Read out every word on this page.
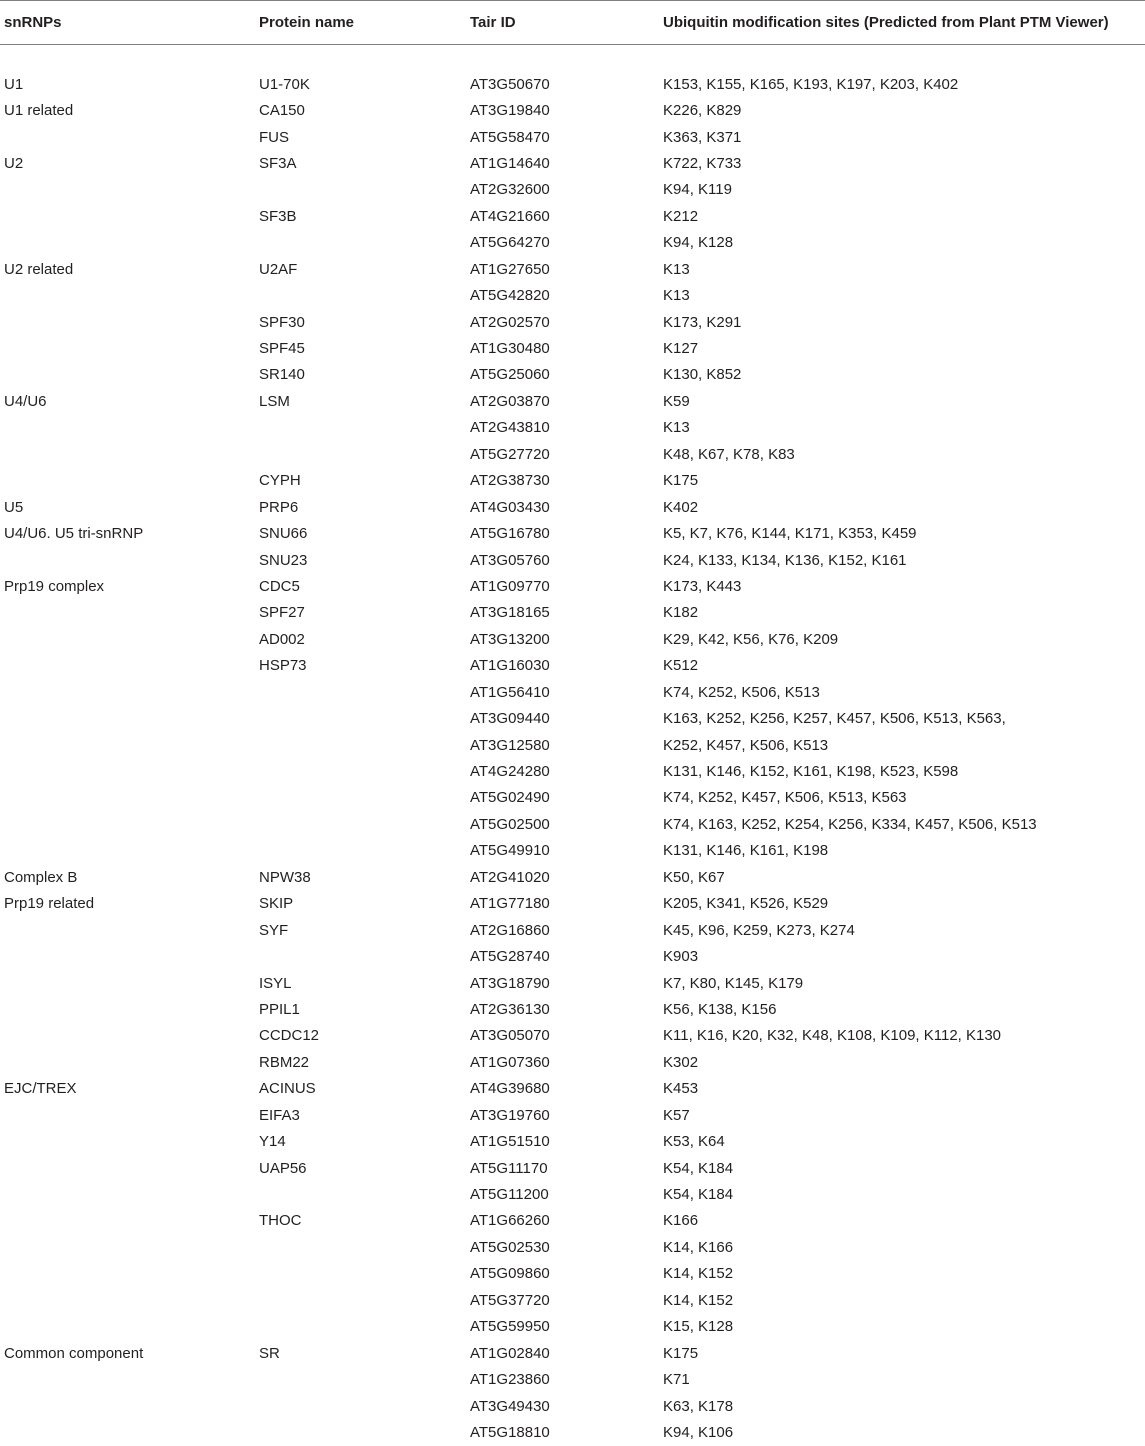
snRNPs	Protein name	Tair ID	Ubiquitin modification sites (Predicted from Plant PTM Viewer)

U1	U1-70K	AT3G50670	K153, K155, K165, K193, K197, K203, K402
U1 related	CA150	AT3G19840	K226, K829
	FUS	AT5G58470	K363, K371
U2	SF3A	AT1G14640	K722, K733
		AT2G32600	K94, K119
	SF3B	AT4G21660	K212
		AT5G64270	K94, K128
U2 related	U2AF	AT1G27650	K13
		AT5G42820	K13
	SPF30	AT2G02570	K173, K291
	SPF45	AT1G30480	K127
	SR140	AT5G25060	K130, K852
U4/U6	LSM	AT2G03870	K59
		AT2G43810	K13
		AT5G27720	K48, K67, K78, K83
	CYPH	AT2G38730	K175
U5	PRP6	AT4G03430	K402
U4/U6. U5 tri-snRNP	SNU66	AT5G16780	K5, K7, K76, K144, K171, K353, K459
	SNU23	AT3G05760	K24, K133, K134, K136, K152, K161
Prp19 complex	CDC5	AT1G09770	K173, K443
	SPF27	AT3G18165	K182
	AD002	AT3G13200	K29, K42, K56, K76, K209
	HSP73	AT1G16030	K512
		AT1G56410	K74, K252, K506, K513
		AT3G09440	K163, K252, K256, K257, K457, K506, K513, K563,
		AT3G12580	K252, K457, K506, K513
		AT4G24280	K131, K146, K152, K161, K198, K523, K598
		AT5G02490	K74, K252, K457, K506, K513, K563
		AT5G02500	K74, K163, K252, K254, K256, K334, K457, K506, K513
		AT5G49910	K131, K146, K161, K198
Complex B	NPW38	AT2G41020	K50, K67
Prp19 related	SKIP	AT1G77180	K205, K341, K526, K529
	SYF	AT2G16860	K45, K96, K259, K273, K274
		AT5G28740	K903
	ISYL	AT3G18790	K7, K80, K145, K179
	PPIL1	AT2G36130	K56, K138, K156
	CCDC12	AT3G05070	K11, K16, K20, K32, K48, K108, K109, K112, K130
	RBM22	AT1G07360	K302
EJC/TREX	ACINUS	AT4G39680	K453
	EIFA3	AT3G19760	K57
	Y14	AT1G51510	K53, K64
	UAP56	AT5G11170	K54, K184
		AT5G11200	K54, K184
	THOC	AT1G66260	K166
		AT5G02530	K14, K166
		AT5G09860	K14, K152
		AT5G37720	K14, K152
		AT5G59950	K15, K128
Common component	SR	AT1G02840	K175
		AT1G23860	K71
		AT3G49430	K63, K178
		AT5G18810	K94, K106
